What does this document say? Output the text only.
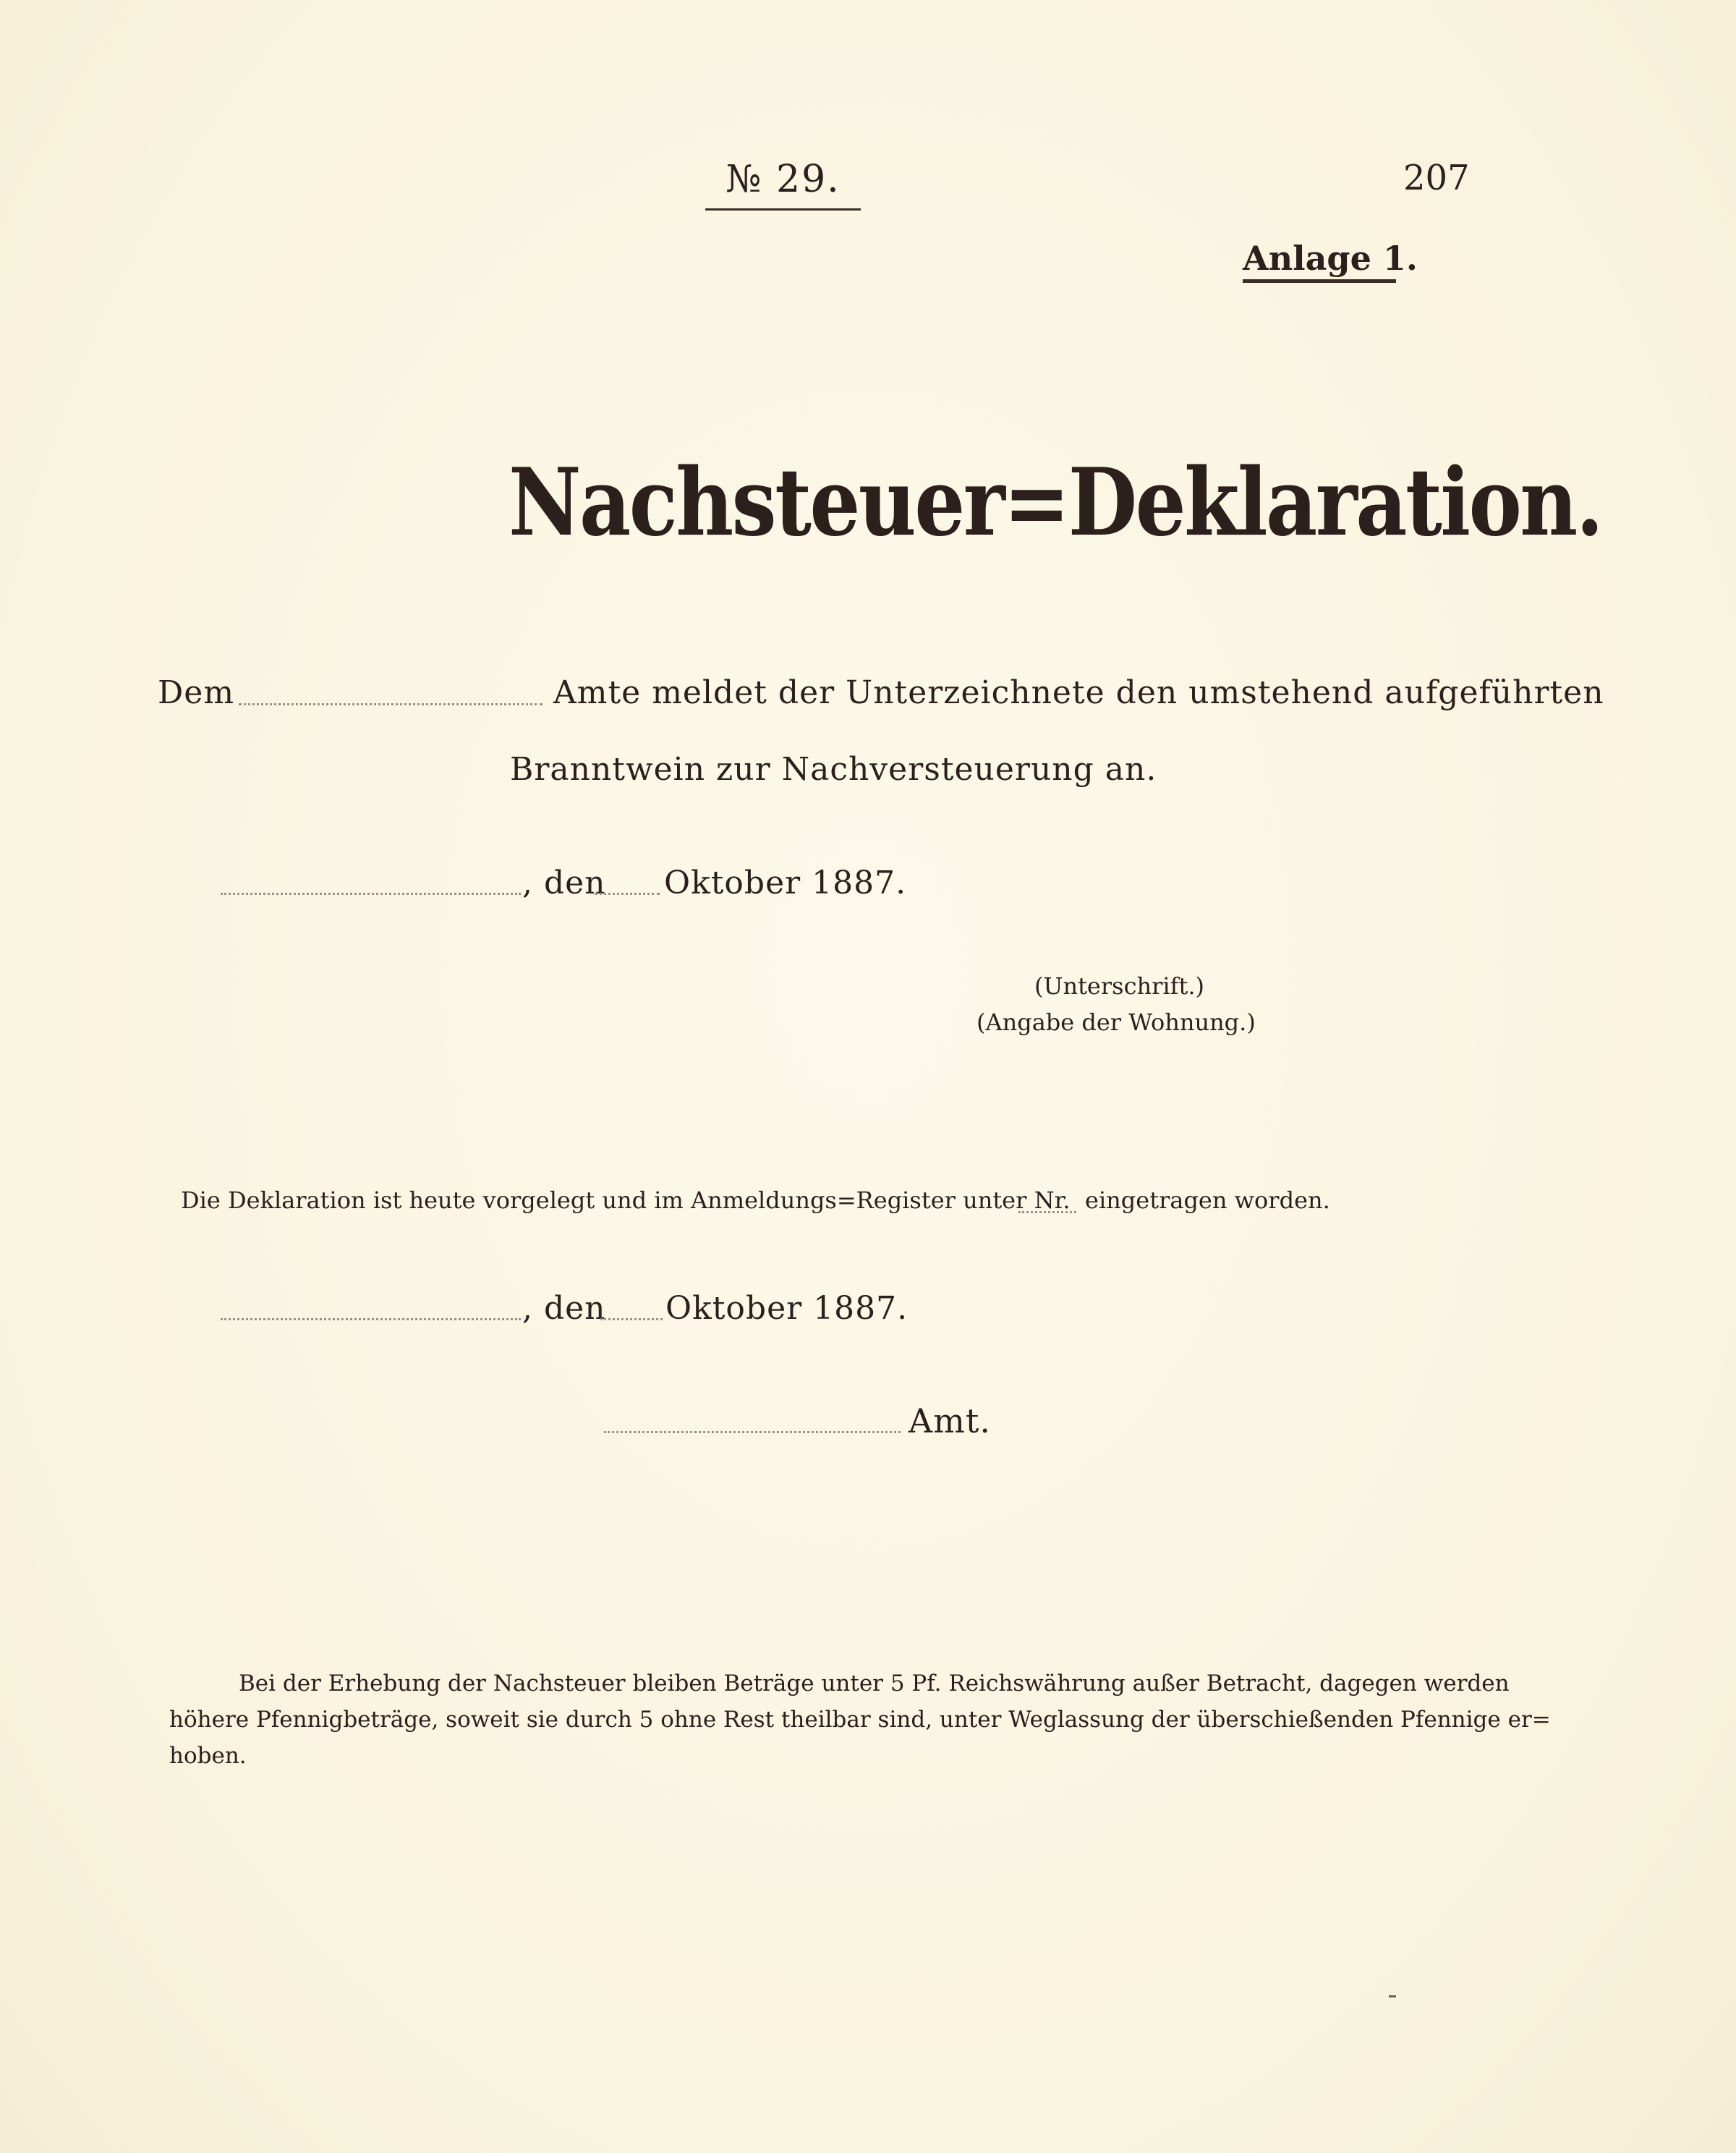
№ 29.	207
Anlage 1.
Nachsteuer=Deklaration.
Dem	Amte meldet der Unterzeichnete den umstehend aufgeführten
Branntwein zur Nachversteuerung an.
, den Oktober 1887.
(Unterschrift.)
(Angabe der Wohnung.)
Die Deklaration ist heute vorgelegt und im Anmeldungs=Register unter Nr. eingetragen worden.
, den Oktober 1887.
Amt.
Bei der Erhebung der Nachsteuer bleiben Beträge unter 5 Pf. Reichswährung außer Betracht, dagegen werden
höhere Pfennigbeträge, soweit sie durch 5 ohne Rest theilbar sind, unter Weglassung der überschießenden Pfennige er=
hoben.
